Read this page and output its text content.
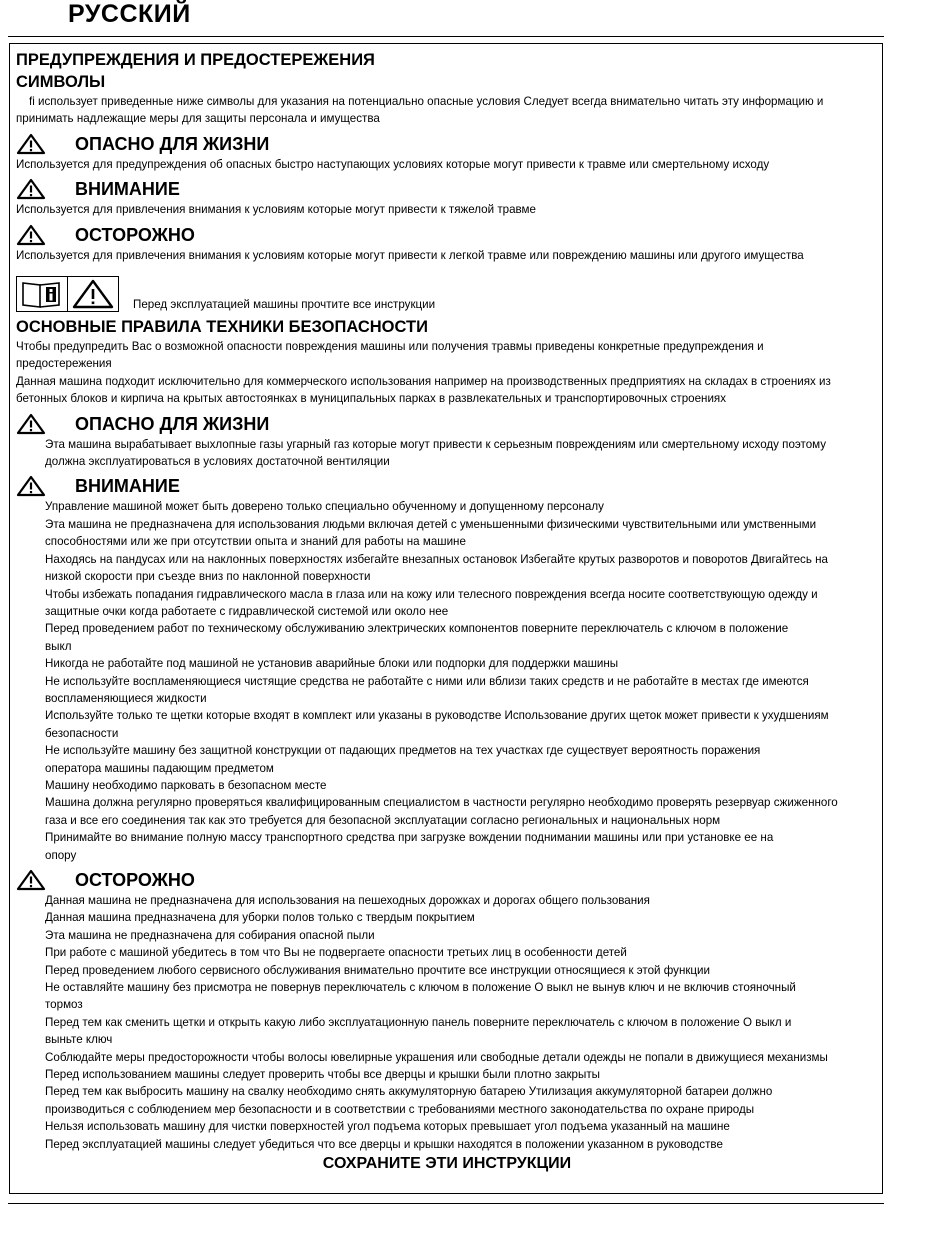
РУССКИЙ
ПРЕДУПРЕЖДЕНИЯ И ПРЕДОСТЕРЕЖЕНИЯ
СИМВОЛЫ
fi использует приведенные ниже символы для указания на потенциально опасные условия Следует всегда внимательно читать эту информацию и
принимать надлежащие меры для защиты персонала и имущества
ОПАСНО ДЛЯ ЖИЗНИ
Используется для предупреждения об опасных быстро наступающих условиях которые могут привести к травме или смертельному исходу
ВНИМАНИЕ
Используется для привлечения внимания к условиям которые могут привести к тяжелой травме
ОСТОРОЖНО
Используется для привлечения внимания к условиям которые могут привести к легкой травме или повреждению машины или другого имущества
Перед эксплуатацией машины прочтите все инструкции
ОСНОВНЫЕ ПРАВИЛА ТЕХНИКИ БЕЗОПАСНОСТИ
Чтобы предупредить Вас о возможной опасности повреждения машины или получения травмы приведены конкретные предупреждения и
предостережения
Данная машина подходит исключительно для коммерческого использования например на производственных предприятиях на складах в строениях из
бетонных блоков и кирпича на крытых автостоянках в муниципальных парках в развлекательных и транспортировочных строениях
ОПАСНО ДЛЯ ЖИЗНИ
Эта машина вырабатывает выхлопные газы угарный газ которые могут привести к серьезным повреждениям или смертельному исходу поэтому
должна эксплуатироваться в условиях достаточной вентиляции
ВНИМАНИЕ
Управление машиной может быть доверено только специально обученному и допущенному персоналу
Эта машина не предназначена для использования людьми включая детей с уменьшенными физическими чувствительными или умственными
способностями или же при отсутствии опыта и знаний для работы на машине
Находясь на пандусах или на наклонных поверхностях избегайте внезапных остановок Избегайте крутых разворотов и поворотов Двигайтесь на
низкой скорости при съезде вниз по наклонной поверхности
Чтобы избежать попадания гидравлического масла в глаза или на кожу или телесного повреждения всегда носите соответствующую одежду и
защитные очки когда работаете с гидравлической системой или около нее
Перед проведением работ по техническому обслуживанию электрических компонентов поверните переключатель с ключом в положение
выкл
Никогда не работайте под машиной не установив аварийные блоки или подпорки для поддержки машины
Не используйте воспламеняющиеся чистящие средства не работайте с ними или вблизи таких средств и не работайте в местах где имеются
воспламеняющиеся жидкости
Используйте только те щетки которые входят в комплект или указаны в руководстве Использование других щеток может привести к ухудшениям
безопасности
Не используйте машину без защитной конструкции от падающих предметов на тех участках где существует вероятность поражения
оператора машины падающим предметом
Машину необходимо парковать в безопасном месте
Машина должна регулярно проверяться квалифицированным специалистом в частности регулярно необходимо проверять резервуар сжиженного
газа и все его соединения так как это требуется для безопасной эксплуатации согласно региональных и национальных норм
Принимайте во внимание полную массу транспортного средства при загрузке вождении поднимании машины или при установке ее на
опору
ОСТОРОЖНО
Данная машина не предназначена для использования на пешеходных дорожках и дорогах общего пользования
Данная машина предназначена для уборки полов только с твердым покрытием
Эта машина не предназначена для собирания опасной пыли
При работе с машиной убедитесь в том что Вы не подвергаете опасности третьих лиц в особенности детей
Перед проведением любого сервисного обслуживания внимательно прочтите все инструкции относящиеся к этой функции
Не оставляйте машину без присмотра не повернув переключатель с ключом в положение O выкл не вынув ключ и не включив стояночный
тормоз
Перед тем как сменить щетки и открыть какую либо эксплуатационную панель поверните переключатель с ключом в положение O выкл и
выньте ключ
Соблюдайте меры предосторожности чтобы волосы ювелирные украшения или свободные детали одежды не попали в движущиеся механизмы
Перед использованием машины следует проверить чтобы все дверцы и крышки были плотно закрыты
Перед тем как выбросить машину на свалку необходимо снять аккумуляторную батарею Утилизация аккумуляторной батареи должно
производиться с соблюдением мер безопасности и в соответствии с требованиями местного законодательства по охране природы
Нельзя использовать машину для чистки поверхностей угол подъема которых превышает угол подъема указанный на машине
Перед эксплуатацией машины следует убедиться что все дверцы и крышки находятся в положении указанном в руководстве
СОХРАНИТЕ ЭТИ ИНСТРУКЦИИ
